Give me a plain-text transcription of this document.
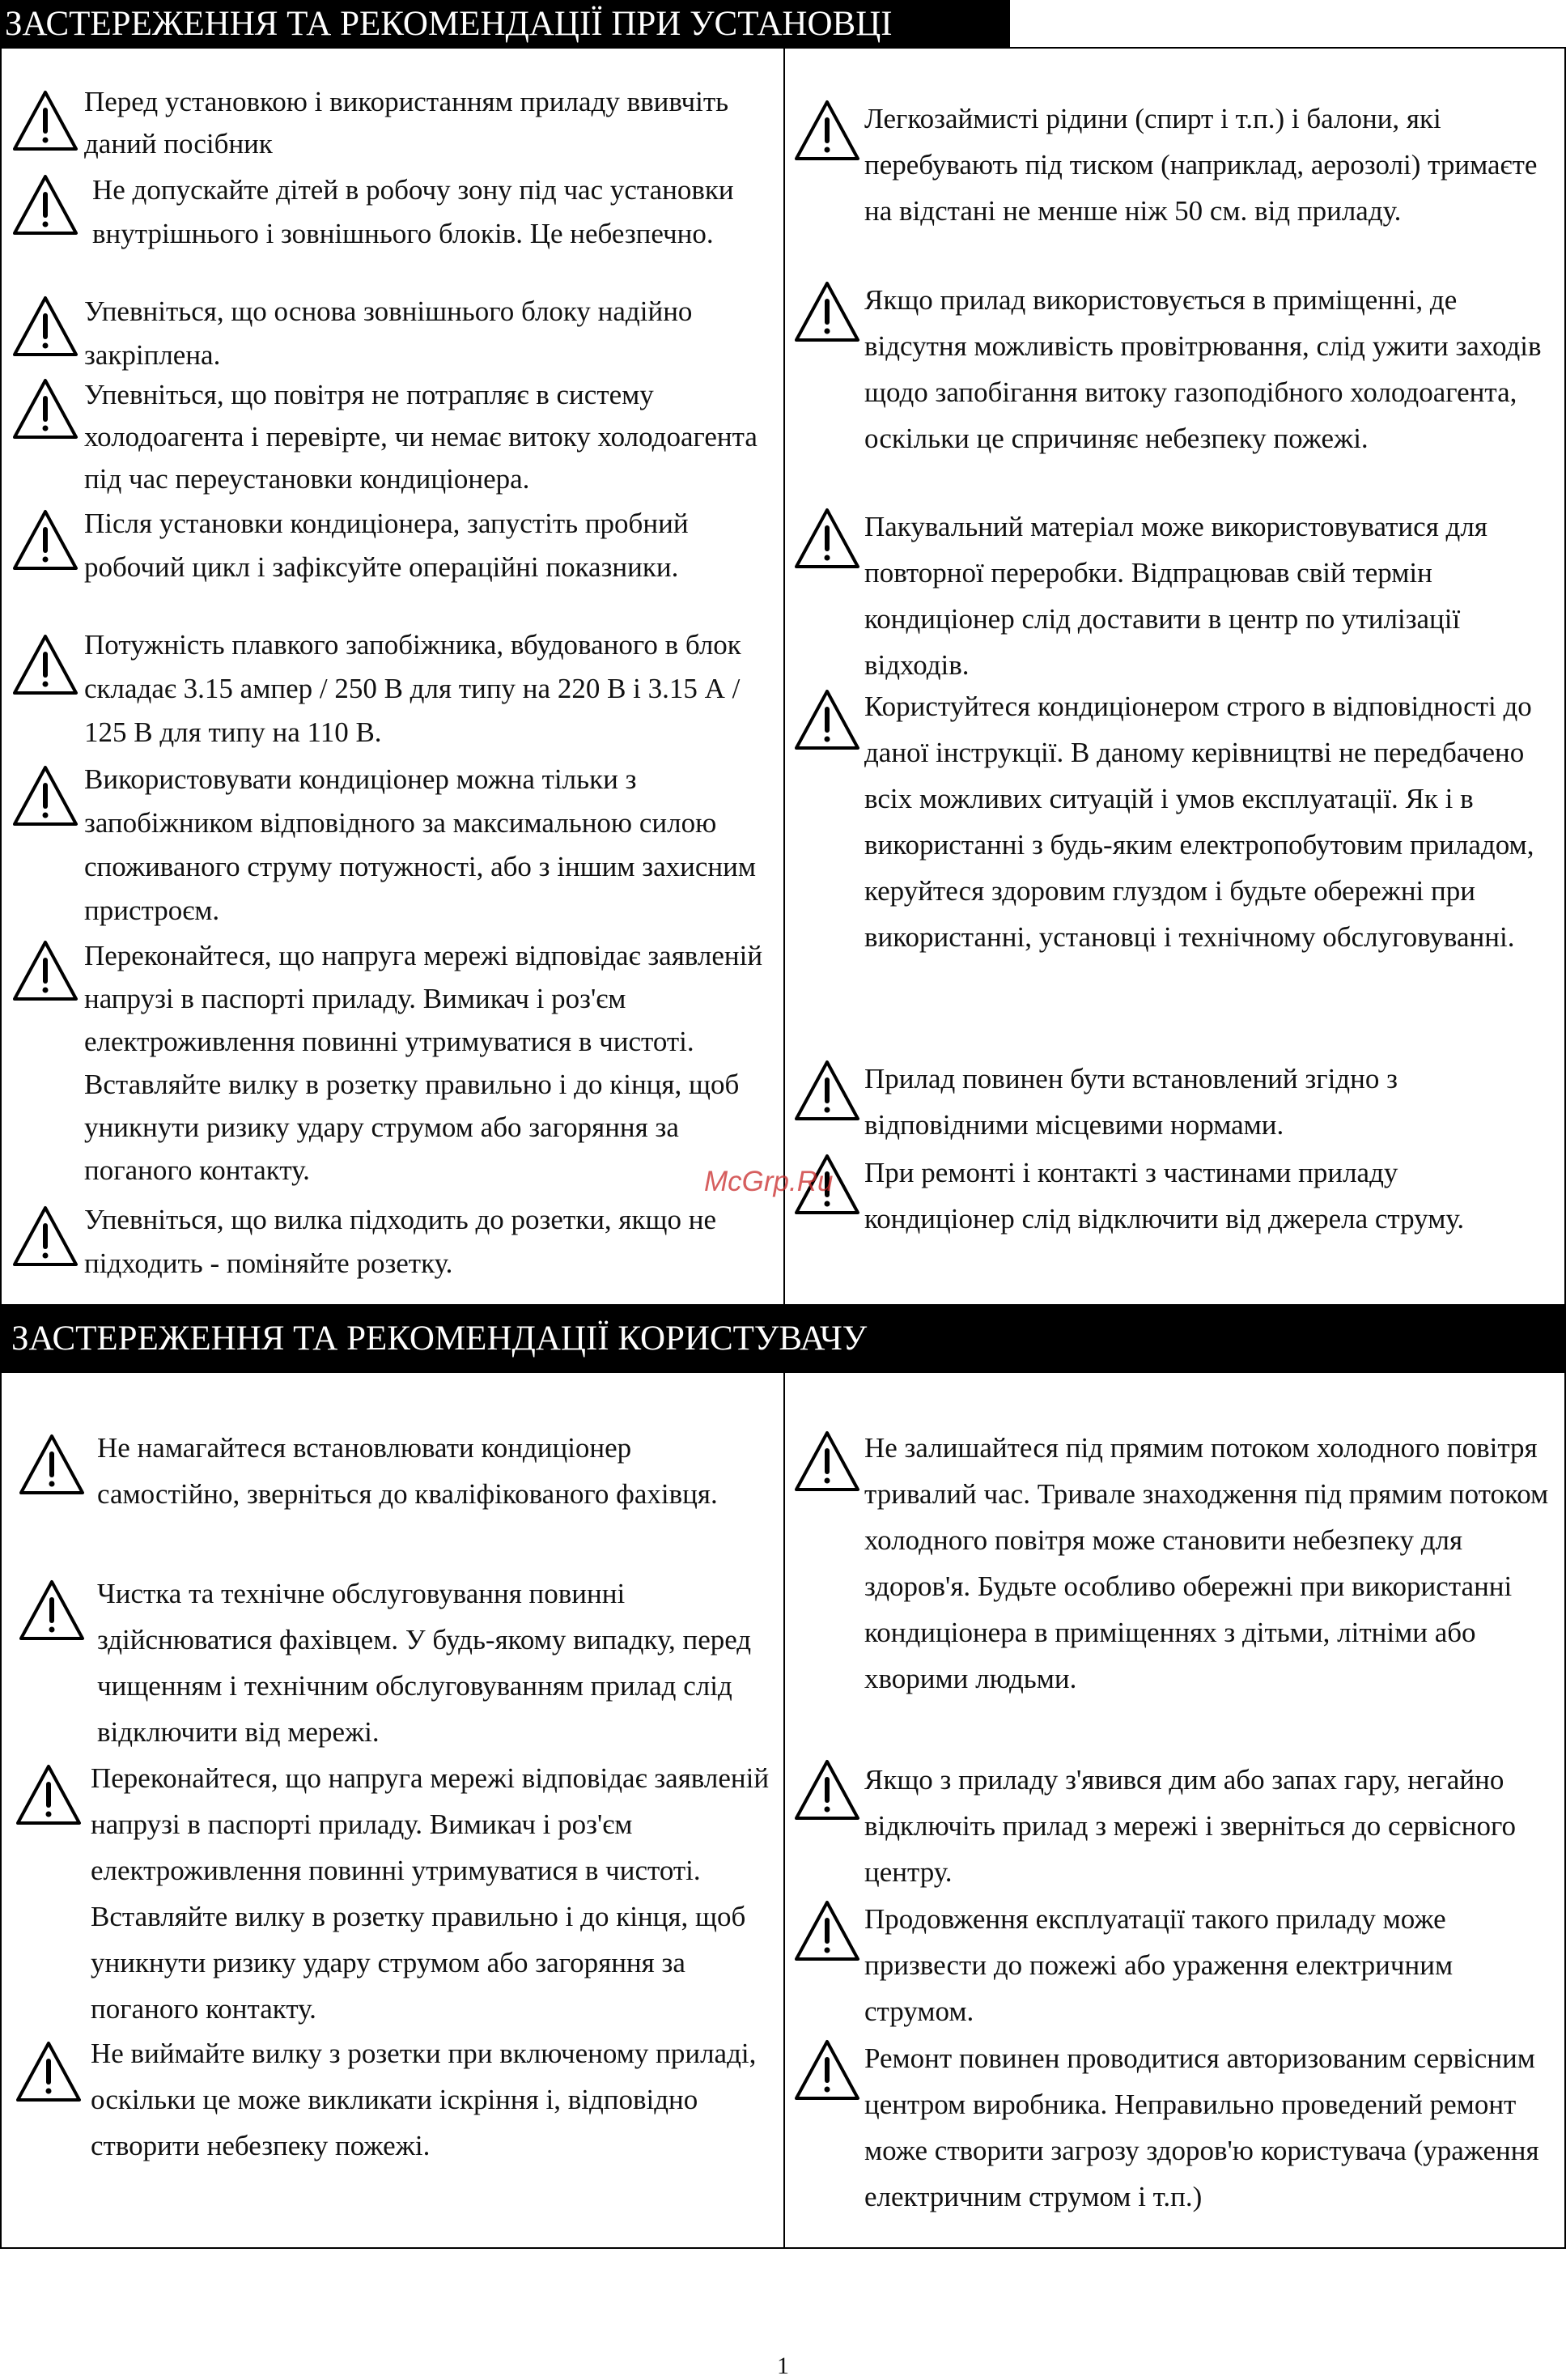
ЗАСТЕРЕЖЕННЯ ТА РЕКОМЕНДАЦІЇ ПРИ УСТАНОВЦІ
Перед установкою і використанням приладу ввивчіть даний посібник
Не допускайте дітей в робочу зону під час установки внутрішнього і зовнішнього блоків. Це небезпечно.
Упевніться, що основа зовнішнього блоку надійно закріплена.
Упевніться, що повітря не потрапляє в систему холодоагента і перевірте, чи немає витоку холодоагента під час переустановки кондиціонера.
Після установки кондиціонера, запустіть пробний робочий цикл і зафіксуйте операційні показники.
Потужність плавкого запобіжника, вбудованого в блок складає 3.15 ампер / 250 В для типу на 220 В і 3.15 А / 125 В для типу на 110 В.
Використовувати кондиціонер можна тільки з запобіжником відповідного за максимальною силою споживаного струму потужності, або з іншим захисним пристроєм.
Переконайтеся, що напруга мережі відповідає заявленій напрузі в паспорті приладу. Вимикач і роз'єм електроживлення повинні утримуватися в чистоті. Вставляйте вилку в розетку правильно і до кінця, щоб уникнути ризику удару струмом або загоряння за поганого контакту.
Упевніться, що вилка підходить до розетки, якщо не підходить - поміняйте розетку.
Легкозаймисті рідини (спирт і т.п.) і балони, які перебувають під тиском (наприклад, аерозолі) тримаєте на відстані не менше ніж 50 см. від приладу.
Якщо прилад використовується в приміщенні, де відсутня можливість провітрювання, слід ужити заходів щодо запобігання витоку газоподібного холодоагента, оскільки це спричиняє небезпеку пожежі.
Пакувальний матеріал може використовуватися для повторної переробки. Відпрацював свій термін кондиціонер слід доставити в центр по утилізації відходів.
Користуйтеся кондиціонером строго в відповідності до даної інструкції. В даному керівництві не передбачено всіх можливих ситуацій і умов експлуатації. Як і в використанні з будь-яким електропобутовим приладом, керуйтеся здоровим глуздом і будьте обережні при використанні, установці і технічному обслуговуванні.
Прилад повинен бути встановлений згідно з відповідними місцевими нормами.
При ремонті і контакті з частинами приладу кондиціонер слід відключити від джерела струму.
ЗАСТЕРЕЖЕННЯ ТА РЕКОМЕНДАЦІЇ КОРИСТУВАЧУ
Не намагайтеся встановлювати кондиціонер самостійно, зверніться до кваліфікованого фахівця.
Чистка та технічне обслуговування повинні здійснюватися фахівцем. У будь-якому випадку, перед чищенням і технічним обслуговуванням прилад слід відключити від мережі.
Переконайтеся, що напруга мережі відповідає заявленій напрузі в паспорті приладу. Вимикач і роз'єм електроживлення повинні утримуватися в чистоті. Вставляйте вилку в розетку правильно і до кінця, щоб уникнути ризику удару струмом або загоряння за поганого контакту.
Не виймайте вилку з розетки при включеному приладі, оскільки це може викликати іскріння і, відповідно створити небезпеку пожежі.
Не залишайтеся під прямим потоком холодного повітря тривалий час. Тривале знаходження під прямим потоком холодного повітря може становити небезпеку для здоров'я. Будьте особливо обережні при використанні кондиціонера в приміщеннях з дітьми, літніми або хворими людьми.
Якщо з приладу з'явився дим або запах гару, негайно відключіть прилад з мережі і зверніться до сервісного центру.
Продовження експлуатації такого приладу може призвести до пожежі або ураження електричним струмом.
Ремонт повинен проводитися авторизованим сервісним центром виробника. Неправильно проведений ремонт може створити загрозу здоров'ю користувача (ураження електричним струмом і т.п.)
McGrp.Ru
1
